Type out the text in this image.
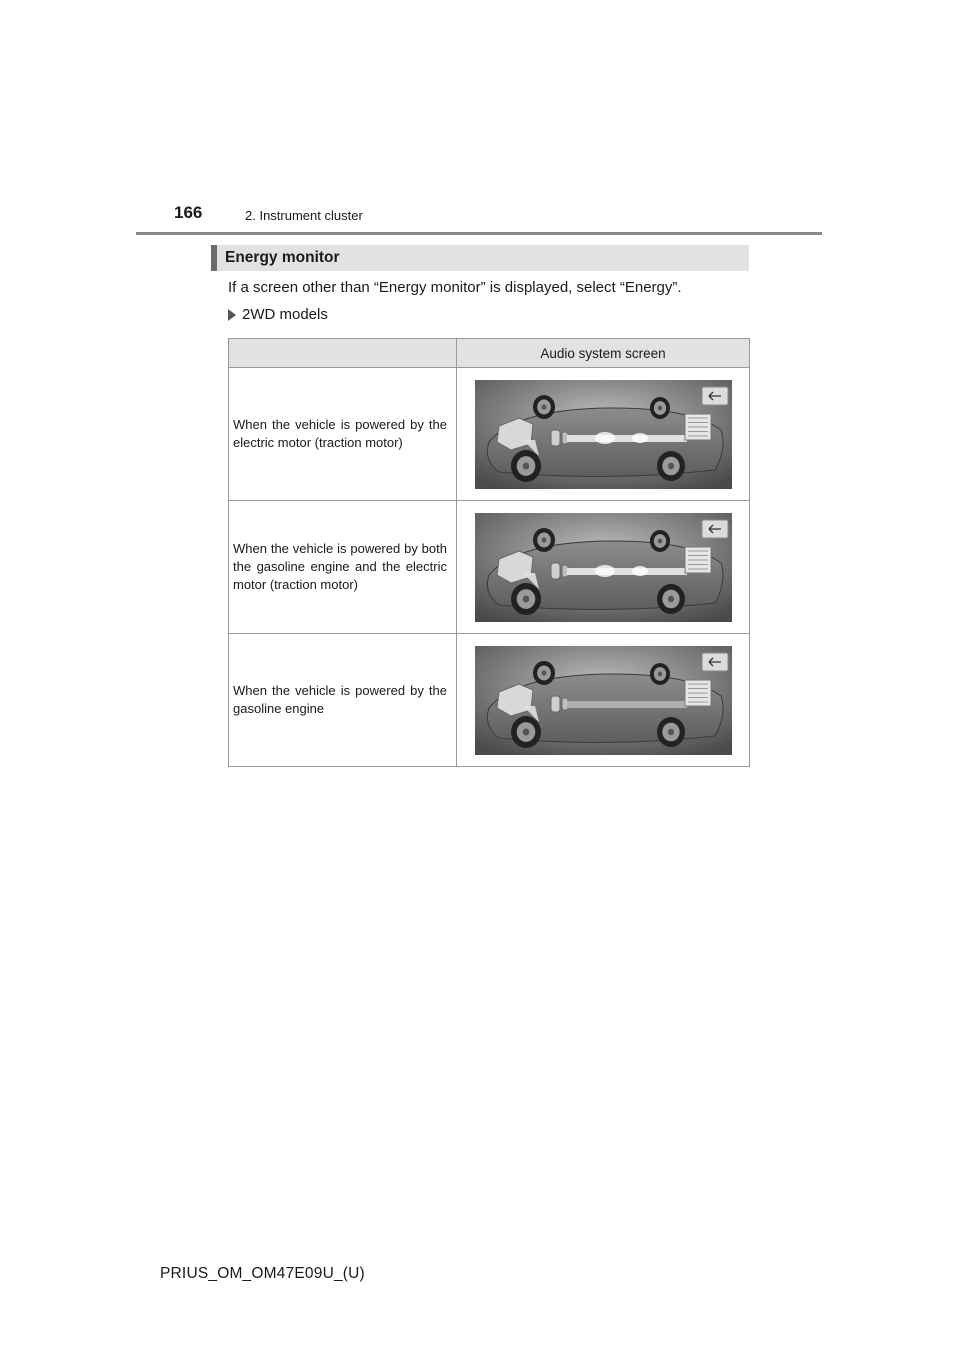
166	2. Instrument cluster
Energy monitor
If a screen other than “Energy monitor” is displayed, select “Energy”.
2WD models
	Audio system screen

When the vehicle is powered by the electric motor (traction motor)

When the vehicle is powered by both the gasoline engine and the electric motor (traction motor)

When the vehicle is powered by the gasoline engine

PRIUS_OM_OM47E09U_(U)
